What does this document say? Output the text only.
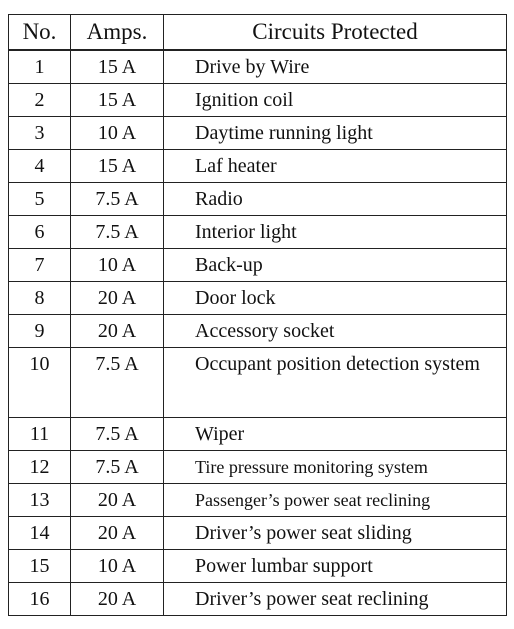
No.	Amps.	Circuits Protected
1	15 A	Drive by Wire
2	15 A	Ignition coil
3	10 A	Daytime running light
4	15 A	Laf heater
5	7.5 A	Radio
6	7.5 A	Interior light
7	10 A	Back-up
8	20 A	Door lock
9	20 A	Accessory socket
10	7.5 A	Occupant position detection system
11	7.5 A	Wiper
12	7.5 A	Tire pressure monitoring system
13	20 A	Passenger’s power seat reclining
14	20 A	Driver’s power seat sliding
15	10 A	Power lumbar support
16	20 A	Driver’s power seat reclining
